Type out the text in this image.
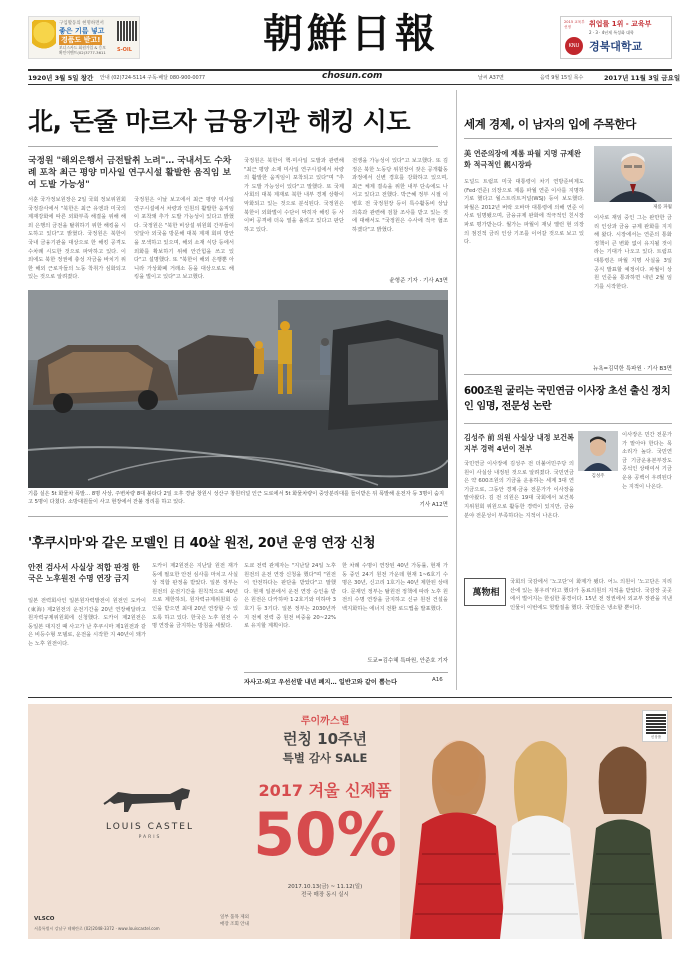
구입활동의 현명하면서
좋은 기름 넣고
경품도 받고!
보너스카드 회원가입 & 응모
확인이벤트(02)3777-3611 S-OIL	朝鮮日報	2015 교육부 선정	취업률 1위 - 교육부
2 · 3 · 4년제 특성화 대학
KNU 경북대학교
1920년 3월 5일 창간 안내 (02)724-5114 구독·배달 080-900-0077	chosun.com	날씨 A37면	음력 9월 15일 목수	2017년 11월 3일 금요일
北, 돈줄 마르자 금융기관 해킹 시도
국정원 "해외은행서 금전탈취 노려"… 국내서도 수차례 포착 최근 평양 미사일 연구시설 활발한 움직임 보여 도발 가능성"
서훈 국가정보원장은 2일 국회 정보위원회 국정감사에서 "북한은 최근 유엔과 미국의 제재강화에 따른 외화부족 해결을 위해 해외 은행의 금전을 탈취하기 위한 해킹을 시도하고 있다"고 밝혔다. 국정원은 북한이 국내 금융기관을 대상으로 한 해킹 공격도 수차례 시도한 것으로 파악하고 있다. 이 외에도 북한 정권에 충성 자금을 바치기 위한 해외 근로자들의 노동 착취가 심화되고 있는 것으로 알려졌다.
국정원은 이날 보고에서 최근 평양 미사일 연구시설에서 차량과 인원의 활발한 움직임이 포착돼 추가 도발 가능성이 있다고 밝혔다. 국정원은 "북한 비상설 위원회 간부들이 잇달아 외국을 방문해 대북 제재 회피 방안을 모색하고 있으며, 해외 소재 식당 등에서 외화를 확보하기 위해 안간힘을 쓰고 있다"고 설명했다. 또 "북한이 해외 은행뿐 아니라 가상화폐 거래소 등을 대상으로도 해킹을 벌이고 있다"고 보고했다.
국정원은 북한이 핵·미사일 도발과 관련해 "최근 평양 소재 미사일 연구시설에서 차량의 활발한 움직임이 포착되고 있다"며 "추가 도발 가능성이 있다"고 말했다. 또 국제사회의 대북 제재로 북한 내부 경제 상황이 악화되고 있는 것으로 분석된다. 국정원은 북한이 외화벌이 수단이 막히자 해킹 등 사이버 공격에 더욱 열을 올리고 있다고 판단하고 있다.
전쟁을 가능성이 있다"고 보고했다. 또 김정은 북한 노동당 위원장이 잦은 공개활동 과정에서 신변 경호를 강화하고 있으며, 최근 체제 결속을 위한 내부 단속에도 나서고 있다고 전했다. 박근혜 정부 시절 이병호 전 국정원장 등이 특수활동비 상납 의혹과 관련해 검찰 조사를 받고 있는 것에 대해서도 "국정원은 수사에 적극 협조하겠다"고 밝혔다.
윤형준 기자 · 기사 A3면
기름 실은 5t 화물차 폭발… 8명 사상, 주변차량 8대 불타다 2일 오후 경남 창원시 성산구 창원터널 인근 도로에서 5t 화물차량이 중앙분리대를 들이받은 뒤 폭발해 운전자 등 3명이 숨지고 5명이 다쳤다. 소방대원들이 사고 현장에서 잔불 정리를 하고 있다.
기사 A12면
'후쿠시마'와 같은 모델인 日 40살 원전, 20년 운영 연장 신청
안전 검사서 사실상 적합 판정 한국은 노후원전 수명 연장 금지
일본 전력회사인 일본원자력발전이 원전인 도카이(東海) 제2원전의 운전기간을 20년 연장해달라고 원자력규제위원회에 신청했다. 도카이 제2원전은 동일본 대지진 때 사고가 난 후쿠시마 제1원전과 같은 비등수형 모델로, 운전을 시작한 지 40년이 돼가는 노후 원전이다.
도카이 제2원전은 지난달 원전 재가동에 필요한 안전 심사를 마치고 사실상 적합 판정을 받았다. 일본 정부는 원전의 운전기간을 원칙적으로 40년으로 제한하되, 원자력규제위원회 승인을 받으면 최대 20년 연장할 수 있도록 하고 있다. 한국은 노후 원전 수명 연장을 금지하는 방침을 세웠다.
도쿄 전력 관계자는 "지난달 24일 노후 원전의 운전 연장 신청을 했다"며 "원전이 안전하다는 판단을 받았다"고 말했다. 현재 일본에서 운전 연장 승인을 받은 원전은 다카하마 1·2호기와 미하마 3호기 등 3기다. 일본 정부는 2030년까지 전체 전력 중 원전 비중을 20~22%로 유지할 계획이다.
한 차례 수명이 연장된 40년 가동률, 현재 가동 중인 24기 원전 가운데 현재 1~6호기 수명은 30년, 신고리 1호기는 40년 제한된 상태다. 문재인 정부는 탈원전 정책에 따라 노후 원전의 수명 연장을 금지하고 신규 원전 건설을 백지화하는 에너지 전환 로드맵을 발표했다.
도쿄=김수혜 특파원, 안준호 기자
자사고·외고 우선선발 내년 폐지… 일반고와 같이 뽑는다	A16
세계 경제, 이 남자의 입에 주목한다
美 연준의장에 제롬 파월 지명 규제완화 적극적인 親시장파
제롬 파월
도널드 트럼프 미국 대통령이 차기 연방준비제도(Fed·연준) 의장으로 제롬 파월 연준 이사를 지명하기로 했다고 월스트리트저널(WSJ) 등이 보도했다. 파월은 2012년 버락 오바마 대통령에 의해 연준 이사로 임명됐으며, 금융규제 완화에 적극적인 친시장파로 평가받는다. 월가는 파월이 재닛 옐런 현 의장의 점진적 금리 인상 기조를 이어갈 것으로 보고 있다.
이사로 재임 중인 그는 완만한 금리 인상과 금융 규제 완화를 지지해 왔다. 시장에서는 연준의 통화정책이 큰 변화 없이 유지될 것이라는 기대가 나오고 있다. 트럼프 대통령은 파월 지명 사실을 3일 공식 발표할 예정이다. 파월이 상원 인준을 통과하면 내년 2월 임기를 시작한다.
뉴욕=김덕한 특파원 · 기사 B3면
600조원 굴리는 국민연금 이사장 초선 출신 정치인 임명, 전문성 논란
김성주 前 의원 사실상 내정 보건복지부 경력 4년이 전부
김성주
국민연금 이사장에 김성주 전 더불어민주당 의원이 사실상 내정된 것으로 알려졌다. 국민연금은 약 600조원의 기금을 운용하는 세계 3대 연기금으로, 그동안 경제·금융 전문가가 이사장을 맡아왔다. 김 전 의원은 19대 국회에서 보건복지위원회 위원으로 활동한 경력이 있지만, 금융 분야 전문성이 부족하다는 지적이 나온다.
이사장은 민간 전문가가 맡아야 한다는 목소리가 높다. 국민연금 기금운용본부장도 공석인 상태여서 기금 운용 공백이 우려된다는 지적이 나온다.
萬物相
국회의 국감에서 ‘노고단’이 화제가 됐다. 어느 의원이 ‘노고단은 지리산에 있는 봉우리’라고 했다가 동료의원의 지적을 받았다. 국감장 곳곳에서 벌어지는 한심한 풍경이다. 15년 전 정권에서 외교부 장관을 지낸 인물이 이번에도 헛발질을 했다. 국민들은 냉소할 뿐이다.
신상품
루이까스텔
런칭 10주년
특별 감사 SALE
2017 겨울 신제품
50%
2017.10.13(금) ~ 11.12(일)
전국 매장 동시 실시
LOUIS CASTEL
PARIS
일부 품목 제외
매장 조회 안내
VLSCO
서울특별시 강남구 테헤란로 (02)2048-3372 · www.louiscastel.com
